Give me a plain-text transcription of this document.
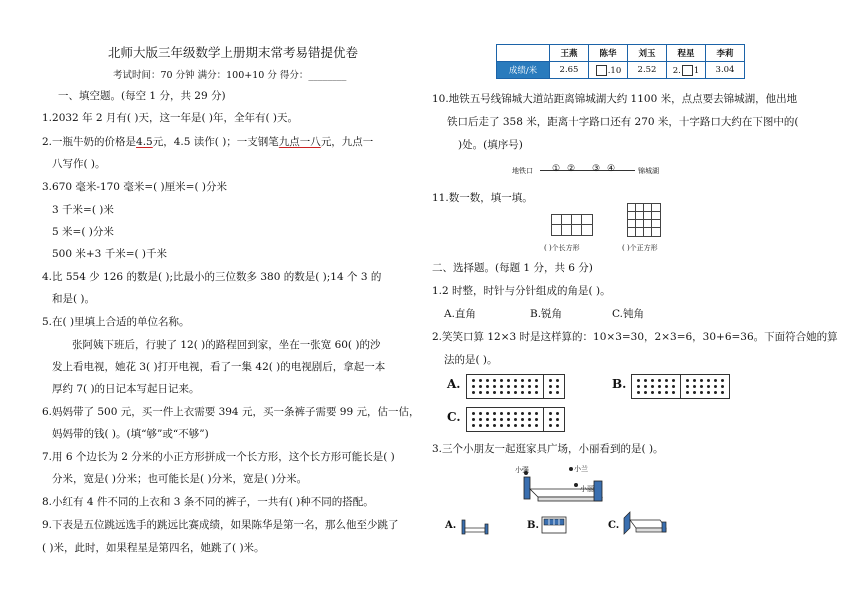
北师大版三年级数学上册期末常考易错提优卷
考试时间：70 分钟 满分：100+10 分 得分：________
一、填空题。(每空 1 分，共 29 分)
1.2032 年 2 月有( )天，这一年是( )年，全年有( )天。
2.一瓶牛奶的价格是4.5元，4.5 读作( )；一支钢笔九点一八元，九点一
八写作( )。
3.670 毫米-170 毫米=( )厘米=( )分米
3 千米=( )米
5 米=( )分米
500 米+3 千米=( )千米
4.比 554 少 126 的数是( );比最小的三位数多 380 的数是( );14 个 3 的
和是( )。
5.在( )里填上合适的单位名称。
张阿姨下班后，行驶了 12( )的路程回到家，坐在一张宽 60( )的沙
发上看电视，她花 3( )打开电视，看了一集 42( )的电视剧后，拿起一本
厚约 7( )的日记本写起日记来。
6.妈妈带了 500 元，买一件上衣需要 394 元，买一条裤子需要 99 元，估一估，
妈妈带的钱( )。(填“够”或“不够”)
7.用 6 个边长为 2 分米的小正方形拼成一个长方形，这个长方形可能长是( )
分米，宽是( )分米；也可能长是( )分米，宽是( )分米。
8.小红有 4 件不同的上衣和 3 条不同的裤子，一共有( )种不同的搭配。
9.下表是五位跳远选手的跳远比赛成绩，如果陈华是第一名，那么他至少跳了
( )米，此时，如果程星是第四名，她跳了( )米。
选手	王燕	陈华	刘玉	程星	李莉
成绩/米	2.65	.10	2.52	2. 1	3.04
10.地铁五号线锦城大道站距离锦城湖大约 1100 米，点点要去锦城湖，他出地
铁口后走了 358 米，距离十字路口还有 270 米，十字路口大约在下图中的(
)处。(填序号)
地铁口 ① ② ③ ④	锦城湖
11.数一数，填一填。
( )个长方形	( )个正方形
二、选择题。(每题 1 分，共 6 分)
1.2 时整，时针与分针组成的角是( )。
A.直角	B.锐角	C.钝角
2.笑笑口算 12×3 时是这样算的：10×3=30，2×3=6，30+6=36。下面符合她的算
法的是( )。
A.	B.
C.
3.三个小朋友一起逛家具广场，小丽看到的是( )。
小强	小兰
小丽
A.	B.	C.
